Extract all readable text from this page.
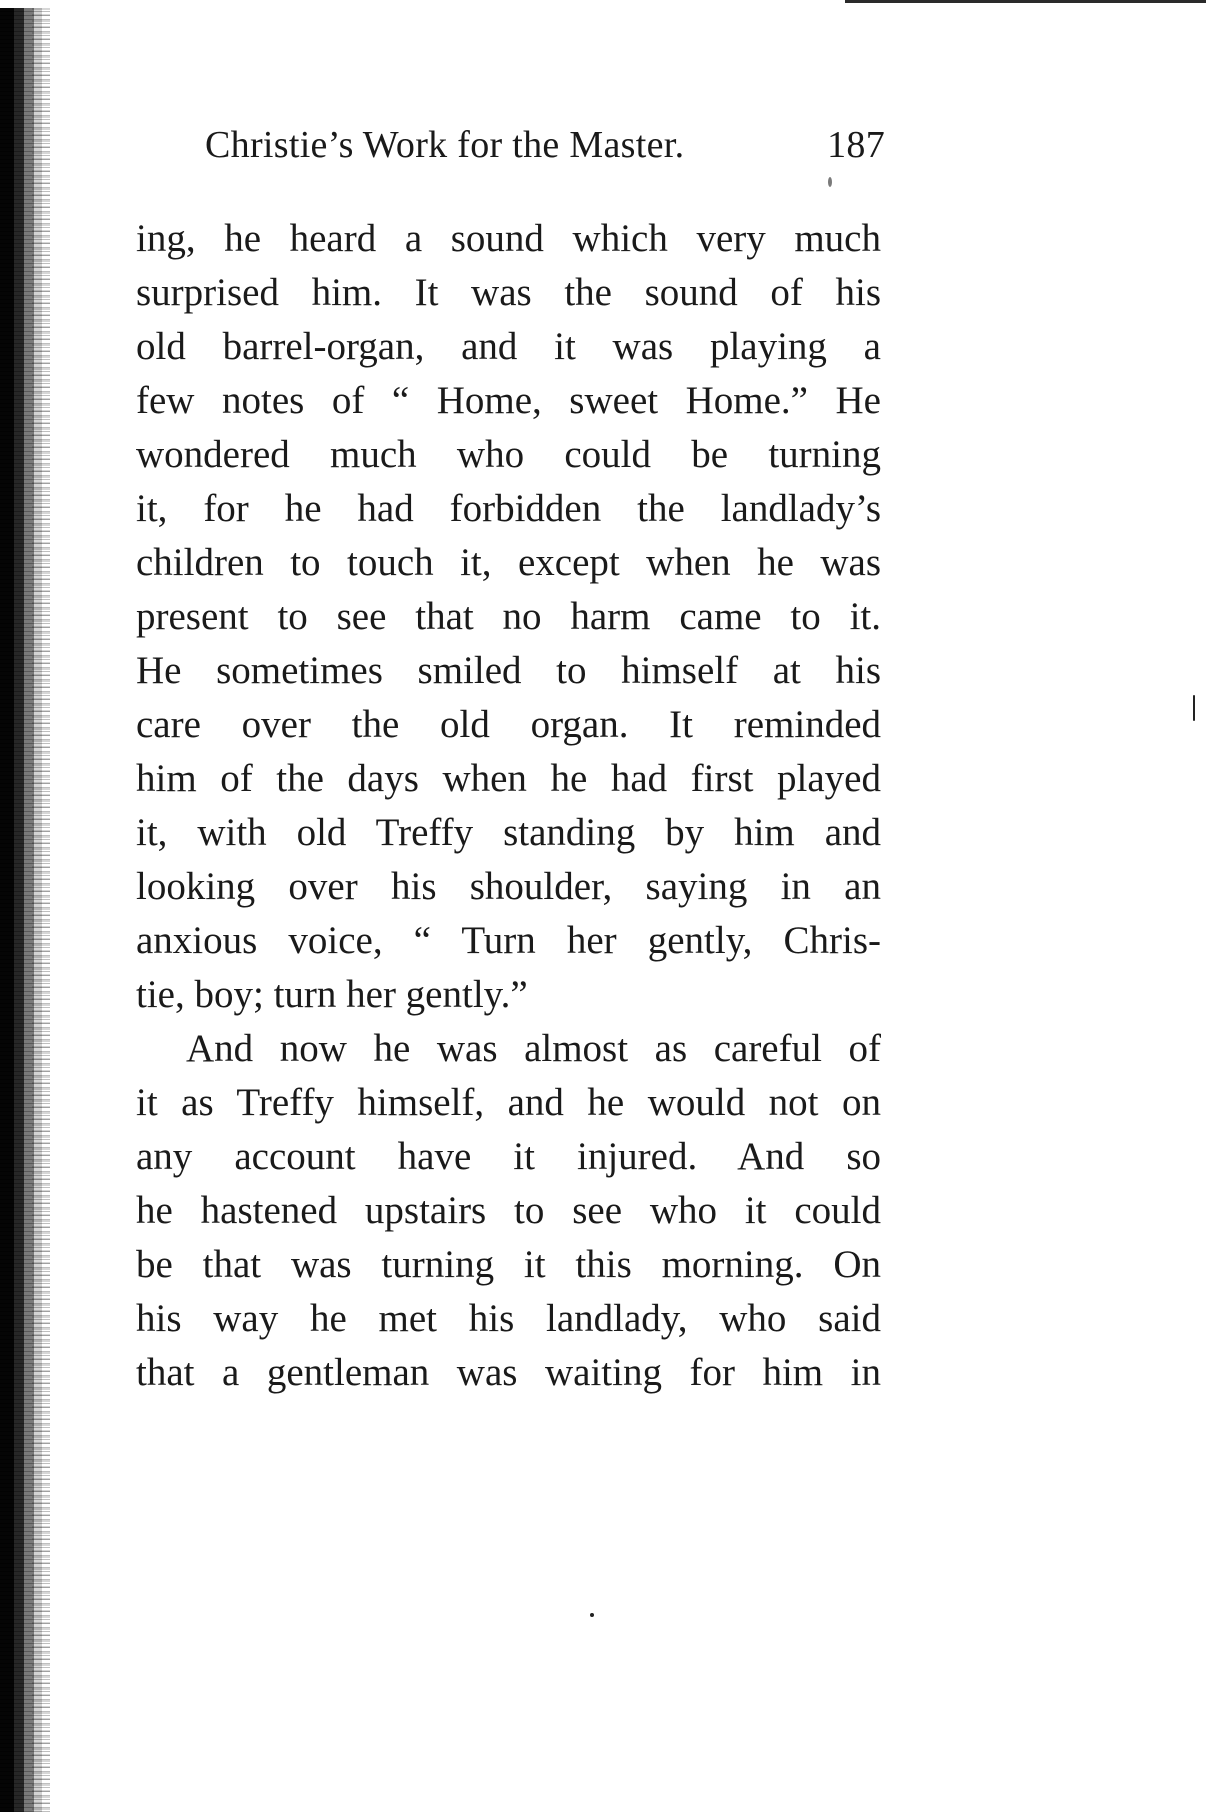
Christie’s Work for the Master.	187
ing, he heard a sound which very much
surprised him. It was the sound of his
old barrel-organ, and it was playing a
few notes of “ Home, sweet Home.” He
wondered much who could be turning
it, for he had forbidden the landlady’s
children to touch it, except when he was
present to see that no harm came to it.
He sometimes smiled to himself at his
care over the old organ. It reminded
him of the days when he had first played
it, with old Treffy standing by him and
looking over his shoulder, saying in an
anxious voice, “ Turn her gently, Chris-
tie, boy; turn her gently.”
And now he was almost as careful of
it as Treffy himself, and he would not on
any account have it injured. And so
he hastened upstairs to see who it could
be that was turning it this morning. On
his way he met his landlady, who said
that a gentleman was waiting for him in
